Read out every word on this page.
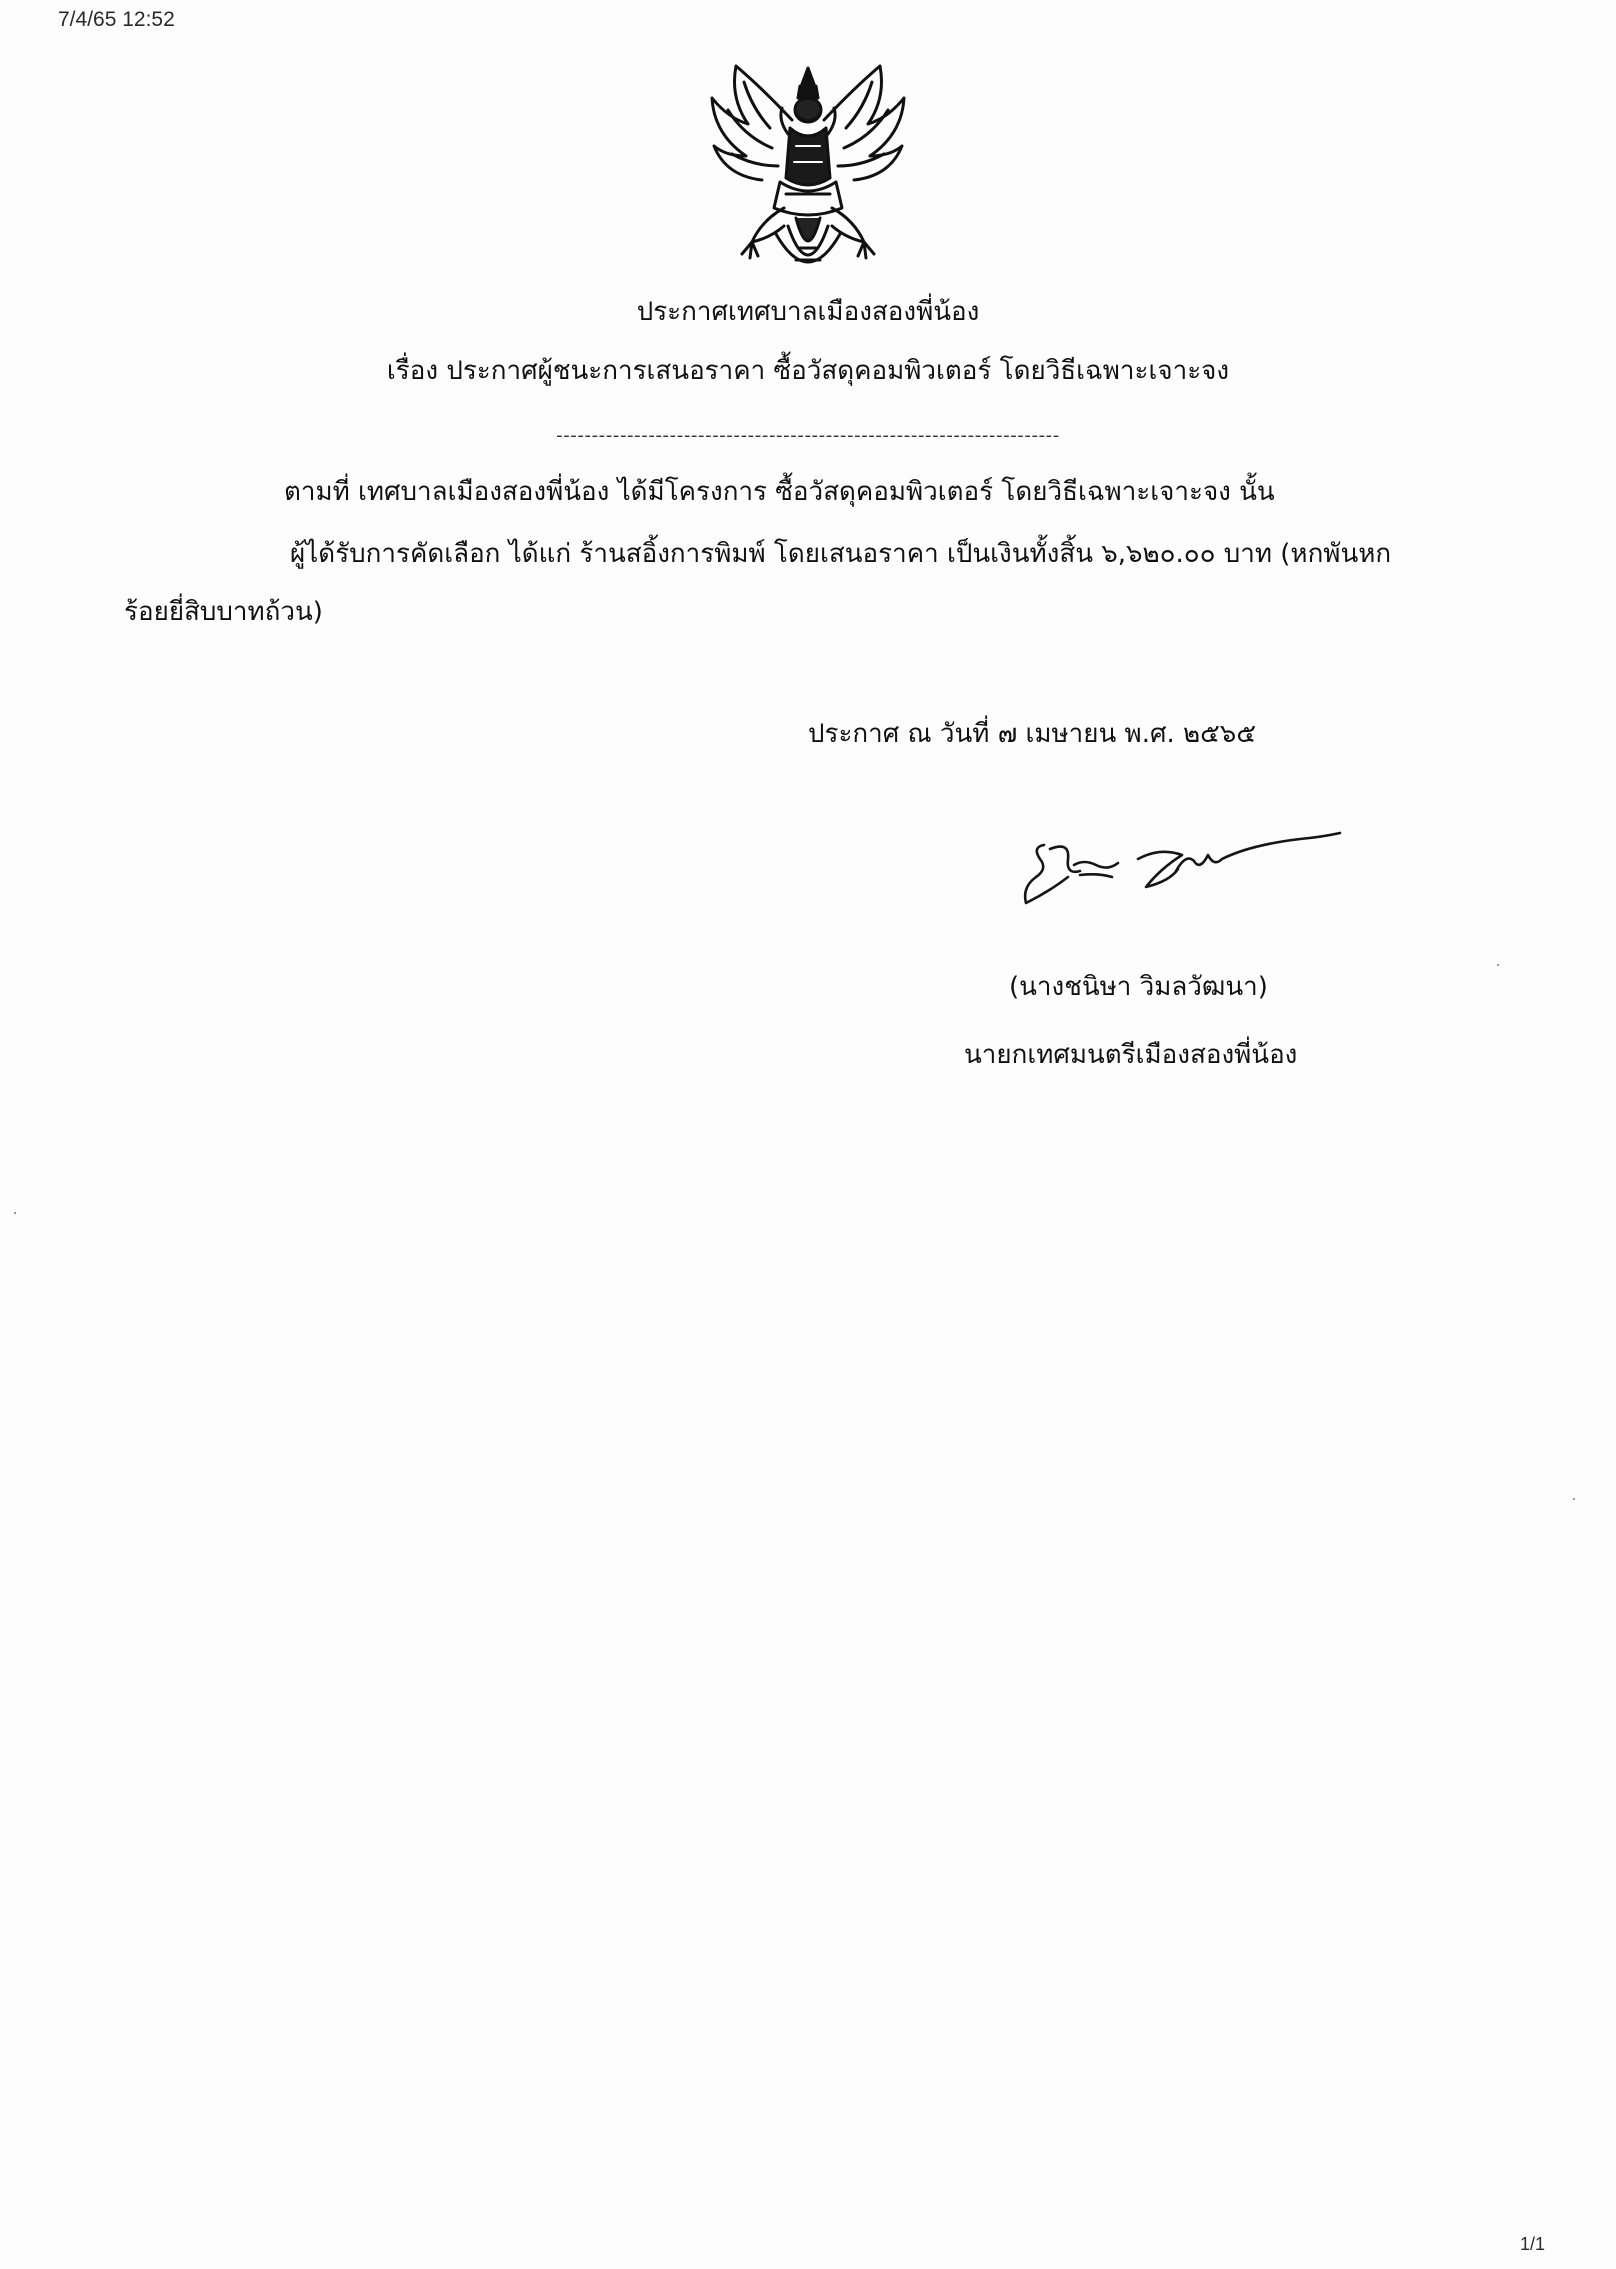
7/4/65 12:52
ประกาศเทศบาลเมืองสองพี่น้อง
เรื่อง ประกาศผู้ชนะการเสนอราคา ซื้อวัสดุคอมพิวเตอร์ โดยวิธีเฉพาะเจาะจง
-----------------------------------------------------------------------
ตามที่ เทศบาลเมืองสองพี่น้อง ได้มีโครงการ ซื้อวัสดุคอมพิวเตอร์ โดยวิธีเฉพาะเจาะจง นั้น
ผู้ได้รับการคัดเลือก ได้แก่ ร้านสอิ้งการพิมพ์ โดยเสนอราคา เป็นเงินทั้งสิ้น ๖,๖๒๐.๐๐ บาท (หกพันหก
ร้อยยี่สิบบาทถ้วน)
ประกาศ ณ วันที่ ๗ เมษายน พ.ศ. ๒๕๖๕
(นางชนิษา วิมลวัฒนา)
นายกเทศมนตรีเมืองสองพี่น้อง
1/1
